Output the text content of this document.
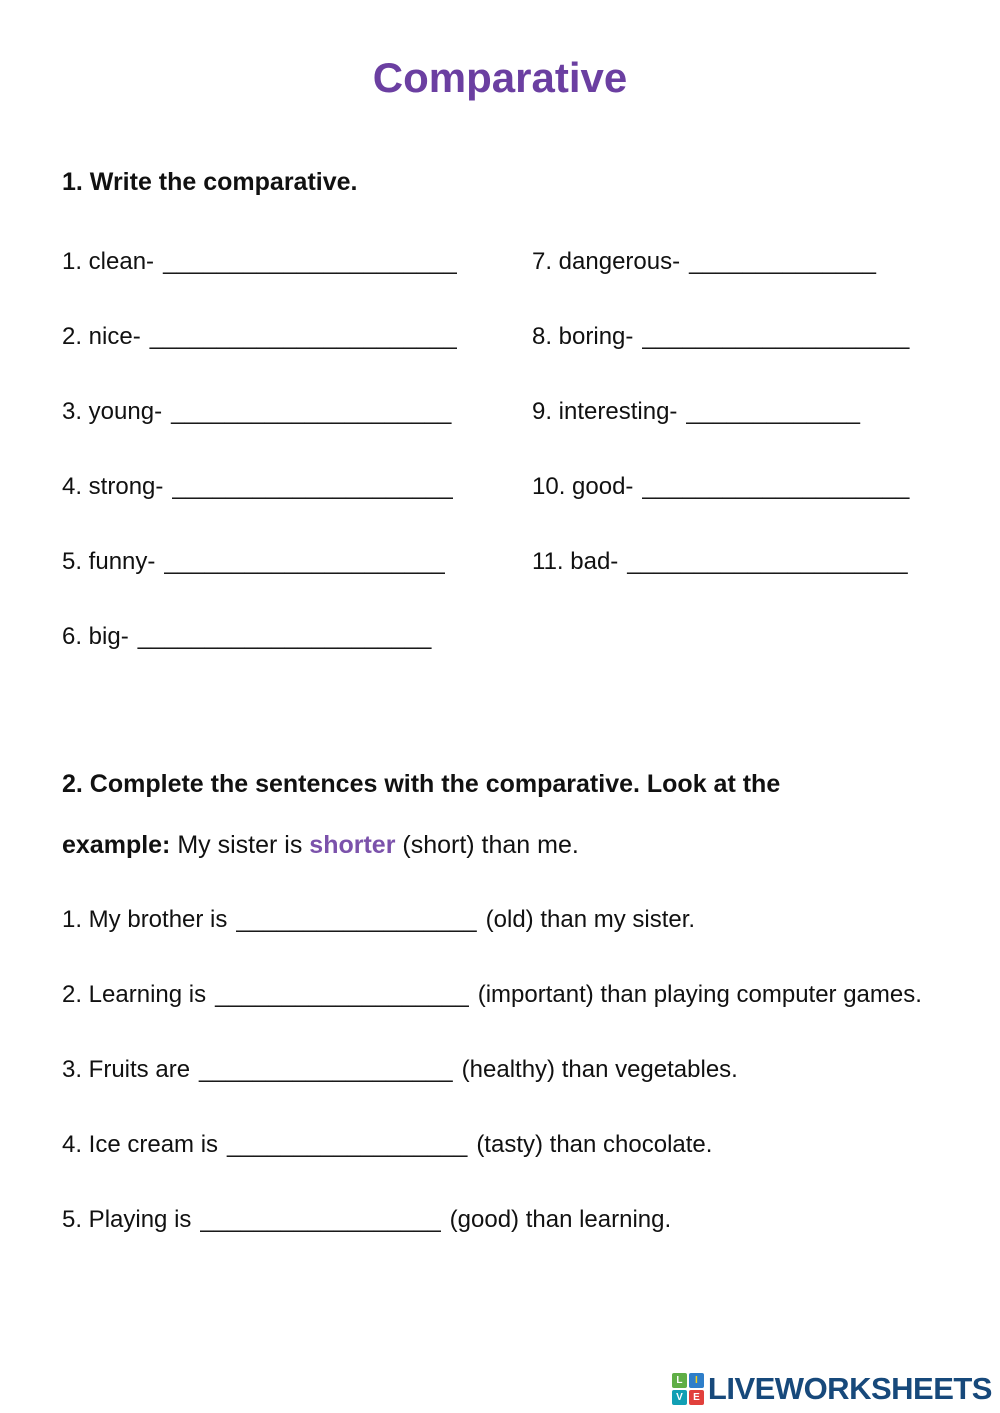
Comparative

1. Write the comparative.

1. clean- ______________________
2. nice- _______________________
3. young- _____________________
4. strong- _____________________
5. funny- _____________________
6. big- ______________________
7. dangerous- ______________
8. boring- ____________________
9. interesting- _____________
10. good- ____________________
11. bad- _____________________

2. Complete the sentences with the comparative. Look at the

example: My sister is shorter (short) than me.

1. My brother is __________________ (old) than my sister.

2. Learning is ___________________ (important) than playing computer games.

3. Fruits are ___________________ (healthy) than vegetables.

4. Ice cream is __________________ (tasty) than chocolate.

5. Playing is __________________ (good) than learning.

L	I
V	E LIVEWORKSHEETS
